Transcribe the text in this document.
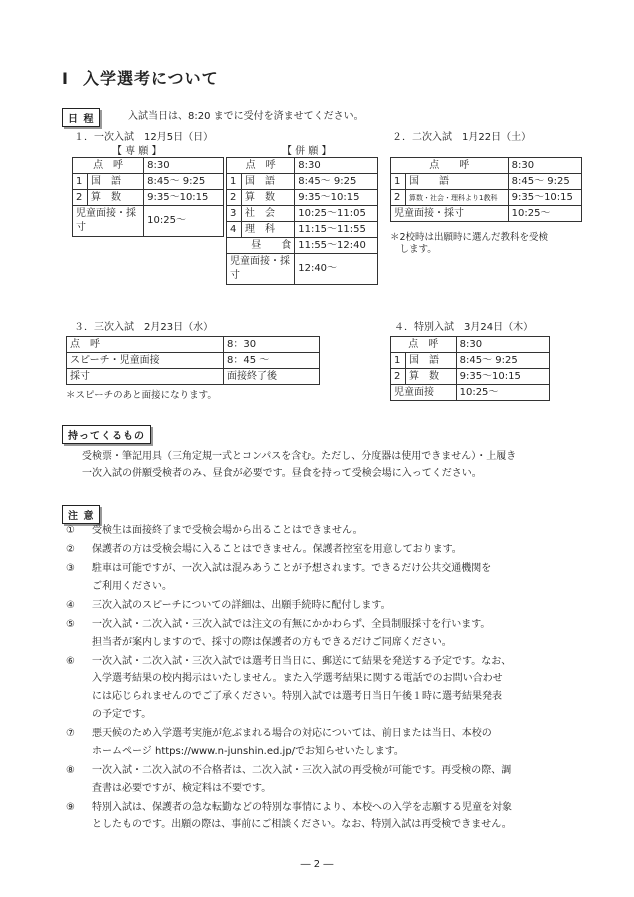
Ⅰ 入学選考について
日 程	入試当日は、8:20 までに受付を済ませてください。
１．一次入試　12月5日（日）
【 専 願 】	【 併 願 】
点　呼		8:30
1	国　語	8:45～ 9:25
2	算　数	9:35～10:15
児童面接・採　　寸		10:25～
点　呼		8:30
1	国　語	8:45～ 9:25
2	算　数	9:35～10:15
3	社　会	10:25～11:05
4	理　科	11:15～11:55
昼　　食		11:55～12:40
児童面接・採　　寸		12:40～
２．二次入試　1月22日（土）
点　　呼		8:30
1	国　　語	8:45～ 9:25
2	算数・社会・理科より1教科	9:35～10:15
児童面接・採寸		10:25～
＊2校時は出願時に選んだ教科を受検
　します。
３．三次入試　2月23日（水）
点　呼	8：30
スピーチ・児童面接	8：45 ～
採寸	面接終了後
＊スピーチのあと面接になります。
４．特別入試　3月24日（木）
点　呼		8:30
1	国　語	8:45～ 9:25
2	算　数	9:35～10:15
児童面接		10:25～
持ってくるもの
受検票・筆記用具（三角定規一式とコンパスを含む。ただし、分度器は使用できません）・上履き
一次入試の併願受検者のみ、昼食が必要です。昼食を持って受検会場に入ってください。
注 意
① 受検生は面接終了まで受検会場から出ることはできません。
② 保護者の方は受検会場に入ることはできません。保護者控室を用意しております。
③ 駐車は可能ですが、一次入試は混みあうことが予想されます。できるだけ公共交通機関を
ご利用ください。
④ 三次入試のスピーチについての詳細は、出願手続時に配付します。
⑤ 一次入試・二次入試・三次入試では注文の有無にかかわらず、全員制服採寸を行います。
担当者が案内しますので、採寸の際は保護者の方もできるだけご同席ください。
⑥ 一次入試・二次入試・三次入試では選考日当日に、郵送にて結果を発送する予定です。なお、
入学選考結果の校内掲示はいたしません。また入学選考結果に関する電話でのお問い合わせ
には応じられませんのでご了承ください。特別入試では選考日当日午後１時に選考結果発表
の予定です。
⑦ 悪天候のため入学選考実施が危ぶまれる場合の対応については、前日または当日、本校の
ホームページ https://www.n-junshin.ed.jp/でお知らせいたします。
⑧ 一次入試・二次入試の不合格者は、二次入試・三次入試の再受検が可能です。再受検の際、調
査書は必要ですが、検定料は不要です。
⑨ 特別入試は、保護者の急な転勤などの特別な事情により、本校への入学を志願する児童を対象
としたものです。出願の際は、事前にご相談ください。なお、特別入試は再受検できません。
― 2 ―
